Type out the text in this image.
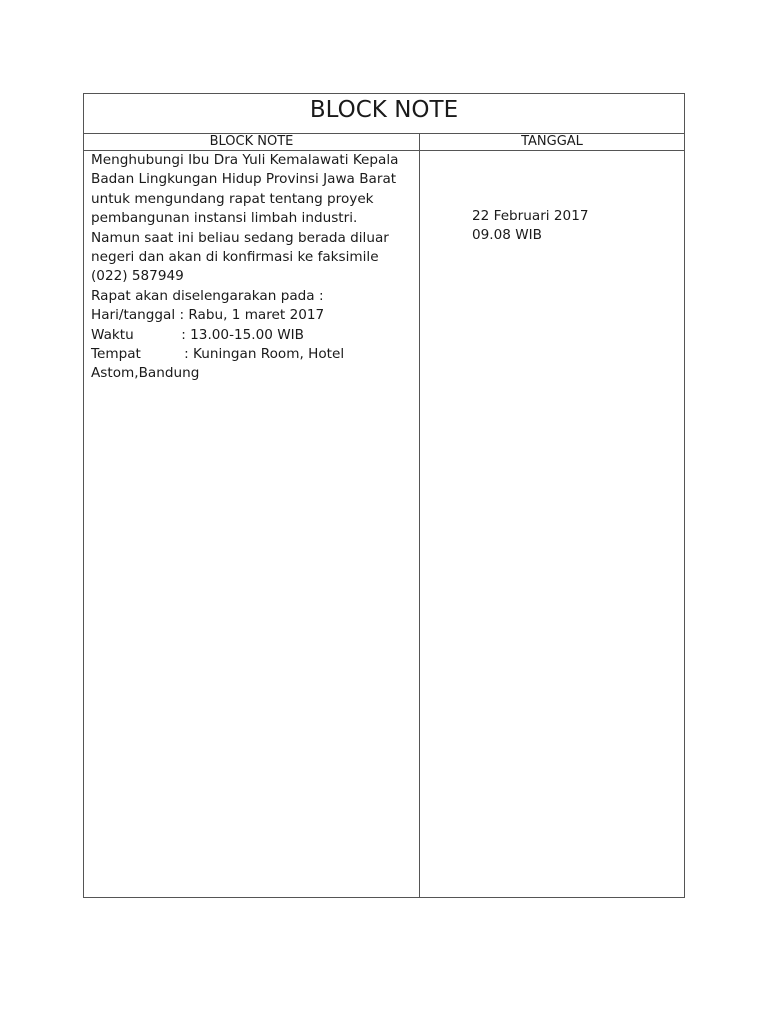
BLOCK NOTE
BLOCK NOTE	TANGGAL
Menghubungi Ibu Dra Yuli Kemalawati Kepala
Badan Lingkungan Hidup Provinsi Jawa Barat
untuk mengundang rapat tentang proyek
pembangunan instansi limbah industri.
Namun saat ini beliau sedang berada diluar
negeri dan akan di konfirmasi ke faksimile
(022) 587949
Rapat akan diselengarakan pada :
Hari/tanggal : Rabu, 1 maret 2017
Waktu           : 13.00-15.00 WIB
Tempat          : Kuningan Room, Hotel
Astom,Bandung
22 Februari 2017
09.08 WIB
